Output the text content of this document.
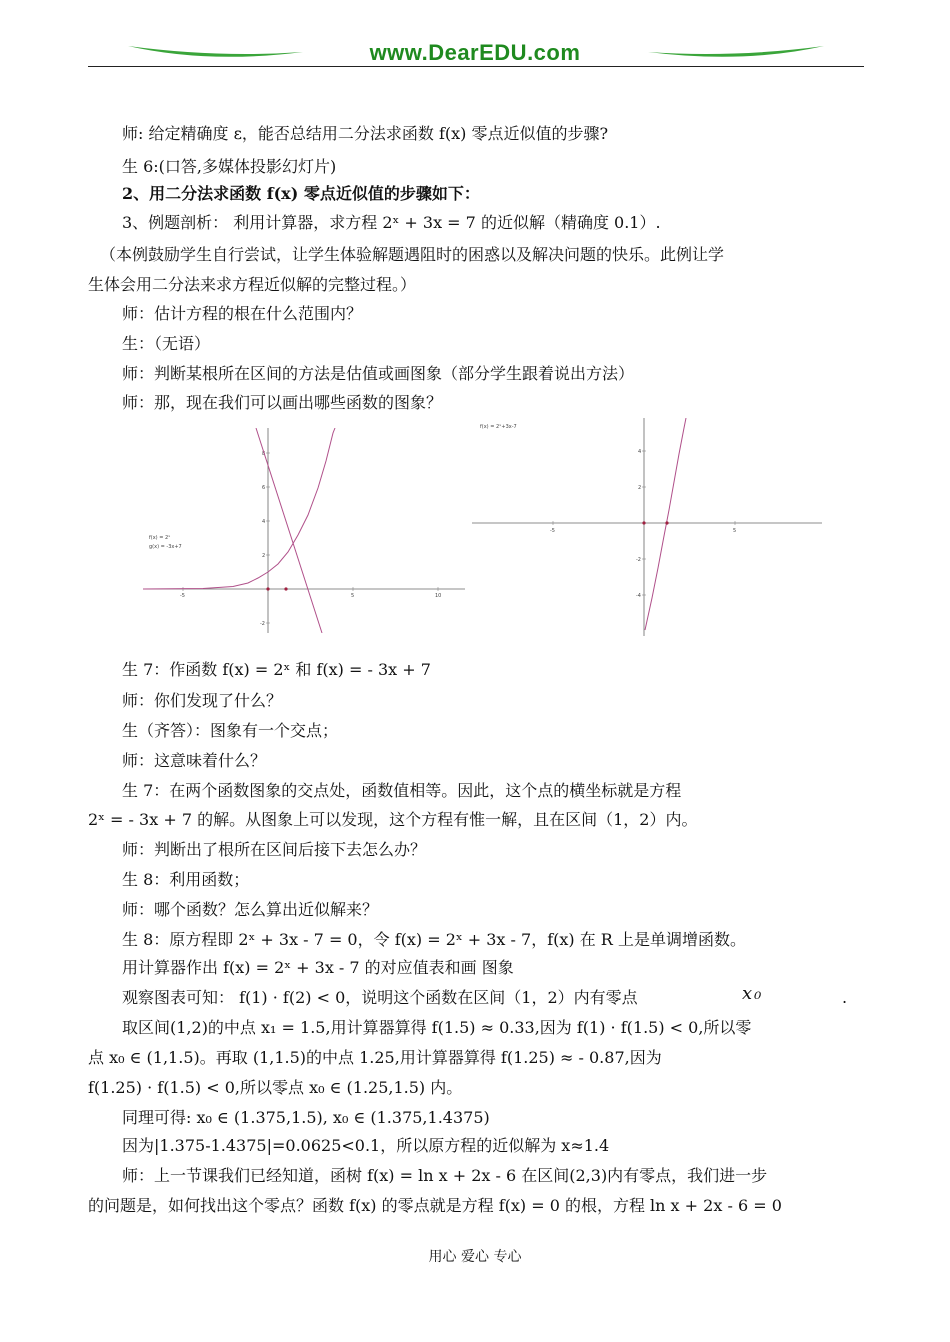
www.DearEDU.com
师: 给定精确度 ε，能否总结用二分法求函数 f(x) 零点近似值的步骤?
生 6:(口答,多媒体投影幻灯片)
2、用二分法求函数 f(x) 零点近似值的步骤如下：
3、例题剖析： 利用计算器，求方程 2ˣ + 3x = 7 的近似解（精确度 0.1）.
（本例鼓励学生自行尝试，让学生体验解题遇阻时的困惑以及解决问题的快乐。此例让学
生体会用二分法来求方程近似解的完整过程。）
师：估计方程的根在什么范围内？
生：（无语）
师：判断某根所在区间的方法是估值或画图象（部分学生跟着说出方法）
师：那，现在我们可以画出哪些函数的图象？
-5	5	10
8
6
4
2
-2
f(x) = 2ˣ
g(x) = -3x+7
-5	5
4
2
-2
-4
f(x) = 2ˣ+3x-7
生 7：作函数 f(x) = 2ˣ 和 f(x) = - 3x + 7
师：你们发现了什么？
生（齐答）：图象有一个交点；
师：这意味着什么？
生 7：在两个函数图象的交点处，函数值相等。因此，这个点的横坐标就是方程
2ˣ = - 3x + 7 的解。从图象上可以发现，这个方程有惟一解，且在区间（1，2）内。
师：判断出了根所在区间后接下去怎么办？
生 8：利用函数；
师：哪个函数？怎么算出近似解来？
生 8：原方程即 2ˣ + 3x - 7 = 0，令 f(x) = 2ˣ + 3x - 7，f(x) 在 R 上是单调增函数。
用计算器作出 f(x) = 2ˣ + 3x - 7 的对应值表和画 图象
观察图表可知： f(1) · f(2) < 0，说明这个函数在区间（1，2）内有零点	x₀	.
取区间(1,2)的中点 x₁ = 1.5,用计算器算得 f(1.5) ≈ 0.33,因为 f(1) · f(1.5) < 0,所以零
点 x₀ ∈ (1,1.5)。再取 (1,1.5)的中点 1.25,用计算器算得 f(1.25) ≈ - 0.87,因为
f(1.25) · f(1.5) < 0,所以零点 x₀ ∈ (1.25,1.5) 内。
同理可得: x₀ ∈ (1.375,1.5), x₀ ∈ (1.375,1.4375)
因为|1.375-1.4375|=0.0625<0.1，所以原方程的近似解为 x≈1.4
师：上一节课我们已经知道，函树 f(x) = ln x + 2x - 6 在区间(2,3)内有零点，我们进一步
的问题是，如何找出这个零点？函数 f(x) 的零点就是方程 f(x) = 0 的根，方程 ln x + 2x - 6 = 0
用心 爱心 专心
